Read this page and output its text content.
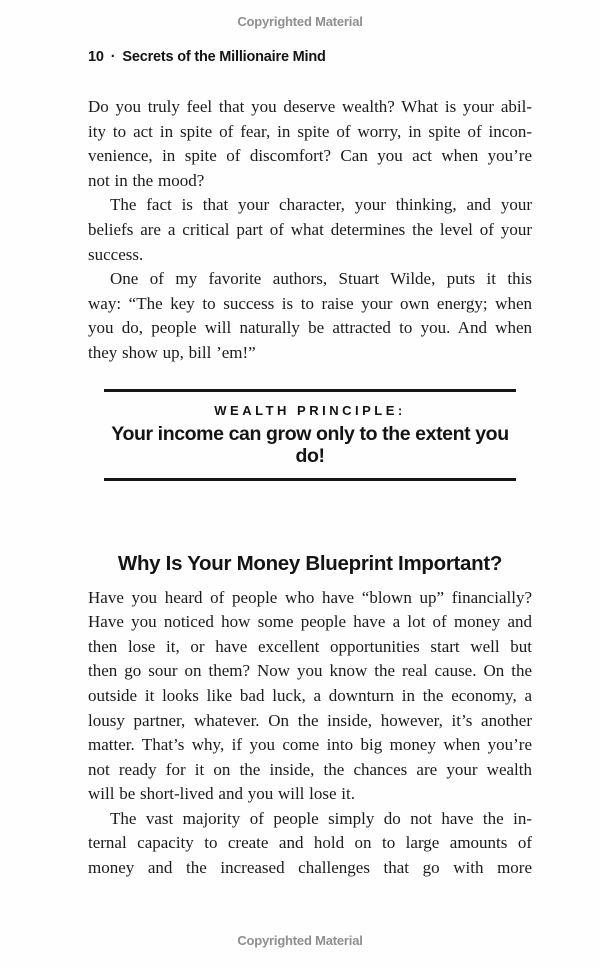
Copyrighted Material
10 · Secrets of the Millionaire Mind
Do you truly feel that you deserve wealth? What is your abil-
ity to act in spite of fear, in spite of worry, in spite of incon-
venience, in spite of discomfort? Can you act when you’re
not in the mood?
The fact is that your character, your thinking, and your
beliefs are a critical part of what determines the level of your
success.
One of my favorite authors, Stuart Wilde, puts it this
way: “The key to success is to raise your own energy; when
you do, people will naturally be attracted to you. And when
they show up, bill ’em!”
WEALTH PRINCIPLE:
Your income can grow only to the extent you do!
Why Is Your Money Blueprint Important?
Have you heard of people who have “blown up” financially?
Have you noticed how some people have a lot of money and
then lose it, or have excellent opportunities start well but
then go sour on them? Now you know the real cause. On the
outside it looks like bad luck, a downturn in the economy, a
lousy partner, whatever. On the inside, however, it’s another
matter. That’s why, if you come into big money when you’re
not ready for it on the inside, the chances are your wealth
will be short-lived and you will lose it.
The vast majority of people simply do not have the in-
ternal capacity to create and hold on to large amounts of
money and the increased challenges that go with more
Copyrighted Material
